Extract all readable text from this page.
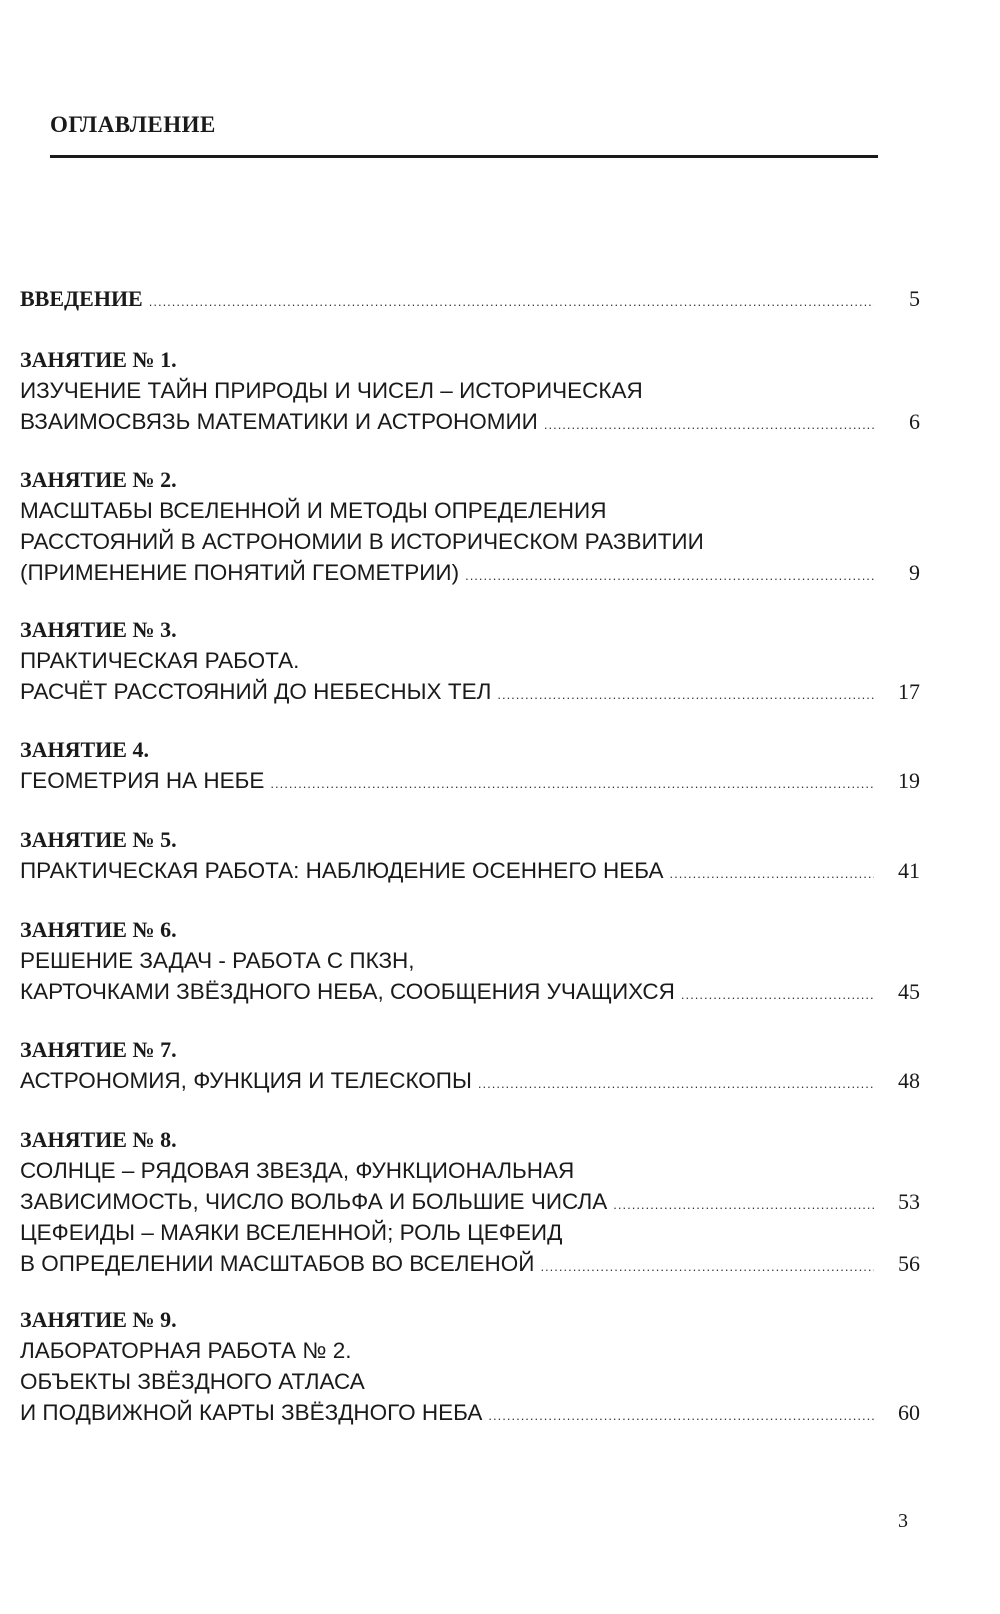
ОГЛАВЛЕНИЕ
ВВЕДЕНИЕ .....	5
ЗАНЯТИЕ № 1.
ИЗУЧЕНИЕ ТАЙН ПРИРОДЫ И ЧИСЕЛ – ИСТОРИЧЕСКАЯ
ВЗАИМОСВЯЗЬ МАТЕМАТИКИ И АСТРОНОМИИ .....	6
ЗАНЯТИЕ № 2.
МАСШТАБЫ ВСЕЛЕННОЙ И МЕТОДЫ ОПРЕДЕЛЕНИЯ
РАССТОЯНИЙ В АСТРОНОМИИ В ИСТОРИЧЕСКОМ РАЗВИТИИ
(ПРИМЕНЕНИЕ ПОНЯТИЙ ГЕОМЕТРИИ) .....	9
ЗАНЯТИЕ № 3.
ПРАКТИЧЕСКАЯ РАБОТА.
РАСЧЁТ РАССТОЯНИЙ ДО НЕБЕСНЫХ ТЕЛ .....	17
ЗАНЯТИЕ 4.
ГЕОМЕТРИЯ НА НЕБЕ .....	19
ЗАНЯТИЕ № 5.
ПРАКТИЧЕСКАЯ РАБОТА: НАБЛЮДЕНИЕ ОСЕННЕГО НЕБА .....	41
ЗАНЯТИЕ № 6.
РЕШЕНИЕ ЗАДАЧ - РАБОТА С ПКЗН,
КАРТОЧКАМИ ЗВЁЗДНОГО НЕБА, СООБЩЕНИЯ УЧАЩИХСЯ .....	45
ЗАНЯТИЕ № 7.
АСТРОНОМИЯ, ФУНКЦИЯ И ТЕЛЕСКОПЫ .....	48
ЗАНЯТИЕ № 8.
СОЛНЦЕ – РЯДОВАЯ ЗВЕЗДА, ФУНКЦИОНАЛЬНАЯ
ЗАВИСИМОСТЬ, ЧИСЛО ВОЛЬФА И БОЛЬШИЕ ЧИСЛА .....	53
ЦЕФЕИДЫ – МАЯКИ ВСЕЛЕННОЙ; РОЛЬ ЦЕФЕИД
В ОПРЕДЕЛЕНИИ МАСШТАБОВ ВО ВСЕЛЕНОЙ .....	56
ЗАНЯТИЕ № 9.
ЛАБОРАТОРНАЯ РАБОТА № 2.
ОБЪЕКТЫ ЗВЁЗДНОГО АТЛАСА
И ПОДВИЖНОЙ КАРТЫ ЗВЁЗДНОГО НЕБА .....	60
3
